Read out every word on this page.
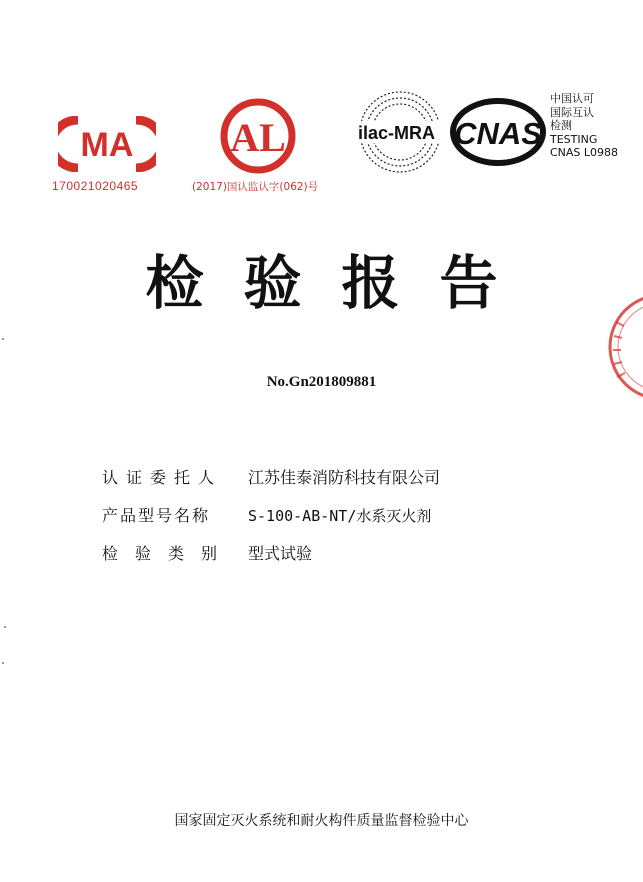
MA
170021020465
AL
(2017)国认监认字(062)号
ilac-MRA CNAS
中国认可
国际互认
检测
TESTING
CNAS L0988
检 验 报 告
No.Gn201809881
认证委托人	江苏佳泰消防科技有限公司
产品型号名称	S-100-AB-NT/水系灭火剂
检验类别 型式试验
国家固定灭火系统和耐火构件质量监督检验中心
